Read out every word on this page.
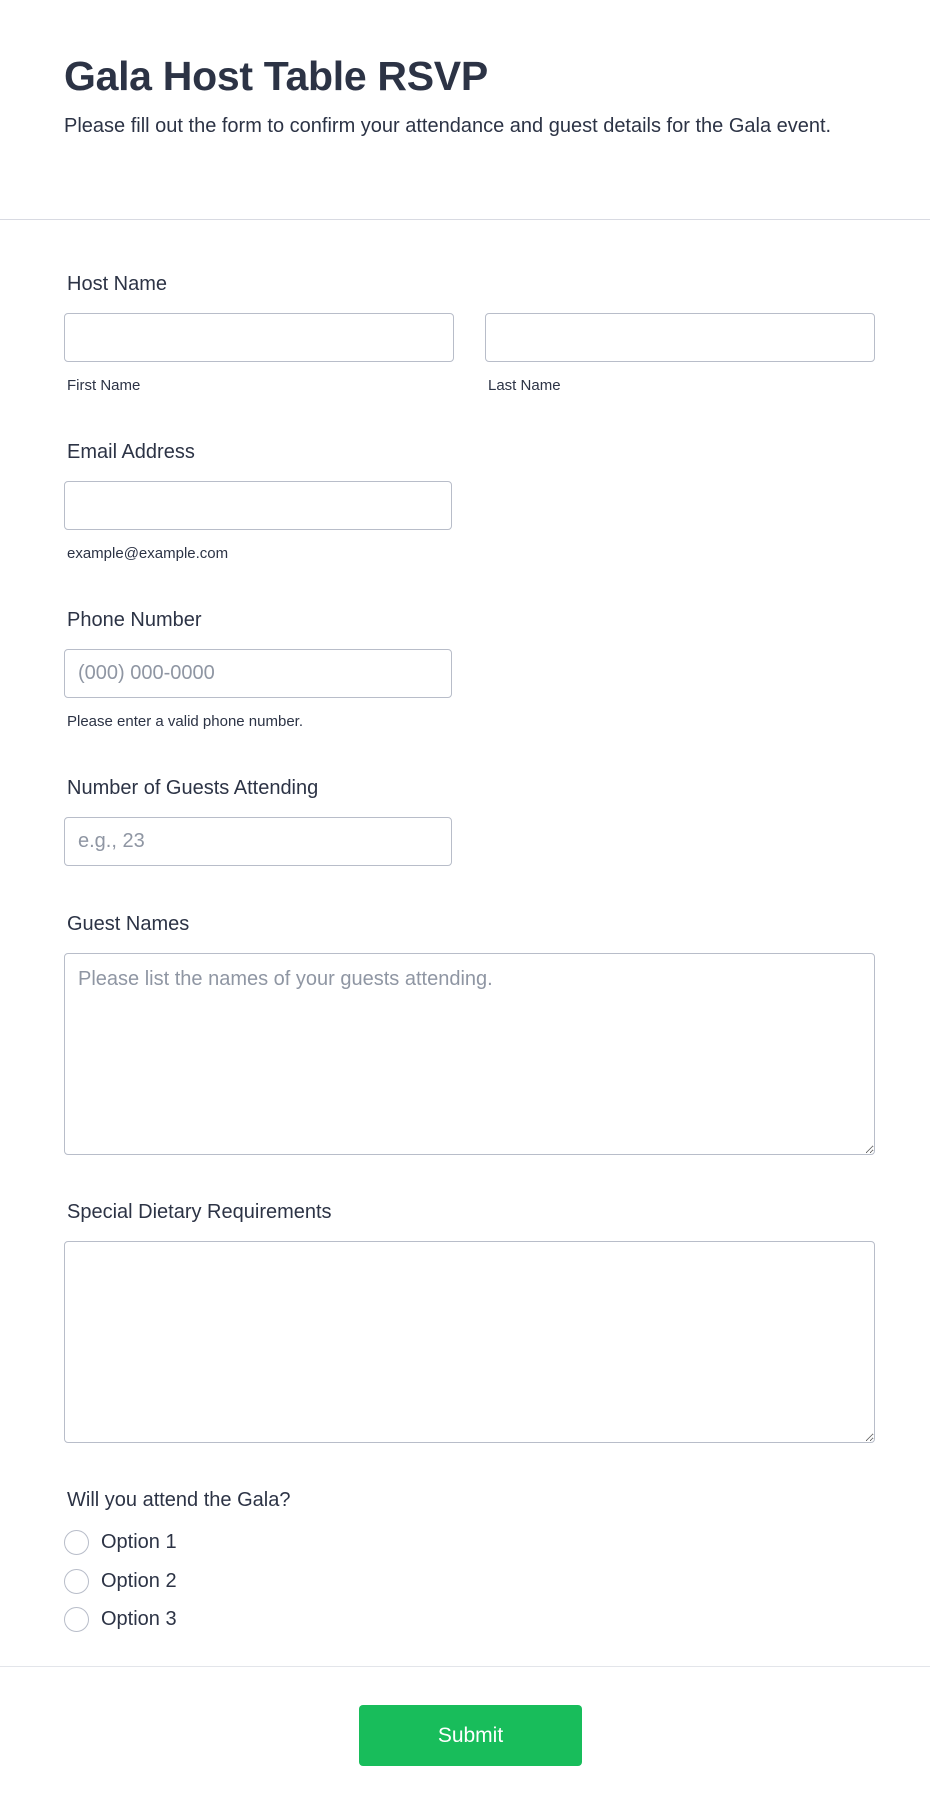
Gala Host Table RSVP

Please fill out the form to confirm your attendance and guest details for the Gala event.

Host Name
First Name	Last Name
Email Address
example@example.com
Phone Number
(000) 000-0000
Please enter a valid phone number.
Number of Guests Attending
e.g., 23
Guest Names
Please list the names of your guests attending.
Special Dietary Requirements
Will you attend the Gala?
Option 1
Option 2
Option 3
Submit
